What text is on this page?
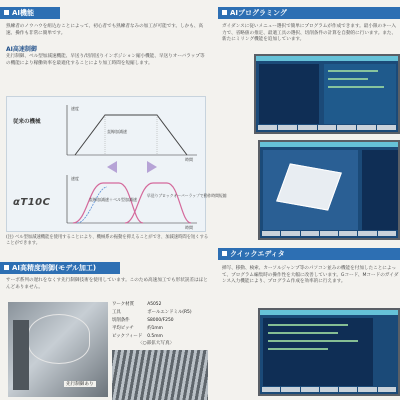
AI機能

熟練者のノウハウを組込むことによって、初心者でも熟練者なみの加工が可能です。しかも、高速、操作も非常に簡単です。

AI高速制御

先行制御、ベル型加減速機能、早送り/切削送りインポジション縮小機能、早送りオーバラップ等の機能により稼働効率を最適化することにより加工時間を短縮します。

速度
時間
速度
時間
直線加減速
直線加減速＋ベル型加減速
早送りブロックオーバーラップで動作時間短縮
従来の機械
αT10C

(注) ベル型加減速機能を使用することにより、機械系の振動を抑えることができ、加減速時間を短くすることができます。

AI高精度制御(モデル加工)

サーボ系列の遅れをなくす先行制御技術を使用しています。このため高速加工でも形状誤差はほとんどありません。

ワーク材質	A5052
工具	ボールエンドミル(R5)
切削条件	S8000/F250
平均ピッチ	約1mm
ピックフィード	0.5mm
〈○部拡大写真〉
先行制御あり
AIプログラミング

ガイダンスに従いメニュー選択で簡単にプログラムが作成できます。最小限のキー入力で、省略値の推定、最適工具の選択、切削条件の計算を自動的に行います。また、新たにミリング機能を追加しています。

クイックエディタ

挿写、移動、検索、カーソルジャンプ等のパソコン並みの機能を付加したことによって、プログラム編集時の操作性を大幅に改善しています。Gコード、Mコードのガイダンス入力機能により、プログラム作成を効率的に行えます。
